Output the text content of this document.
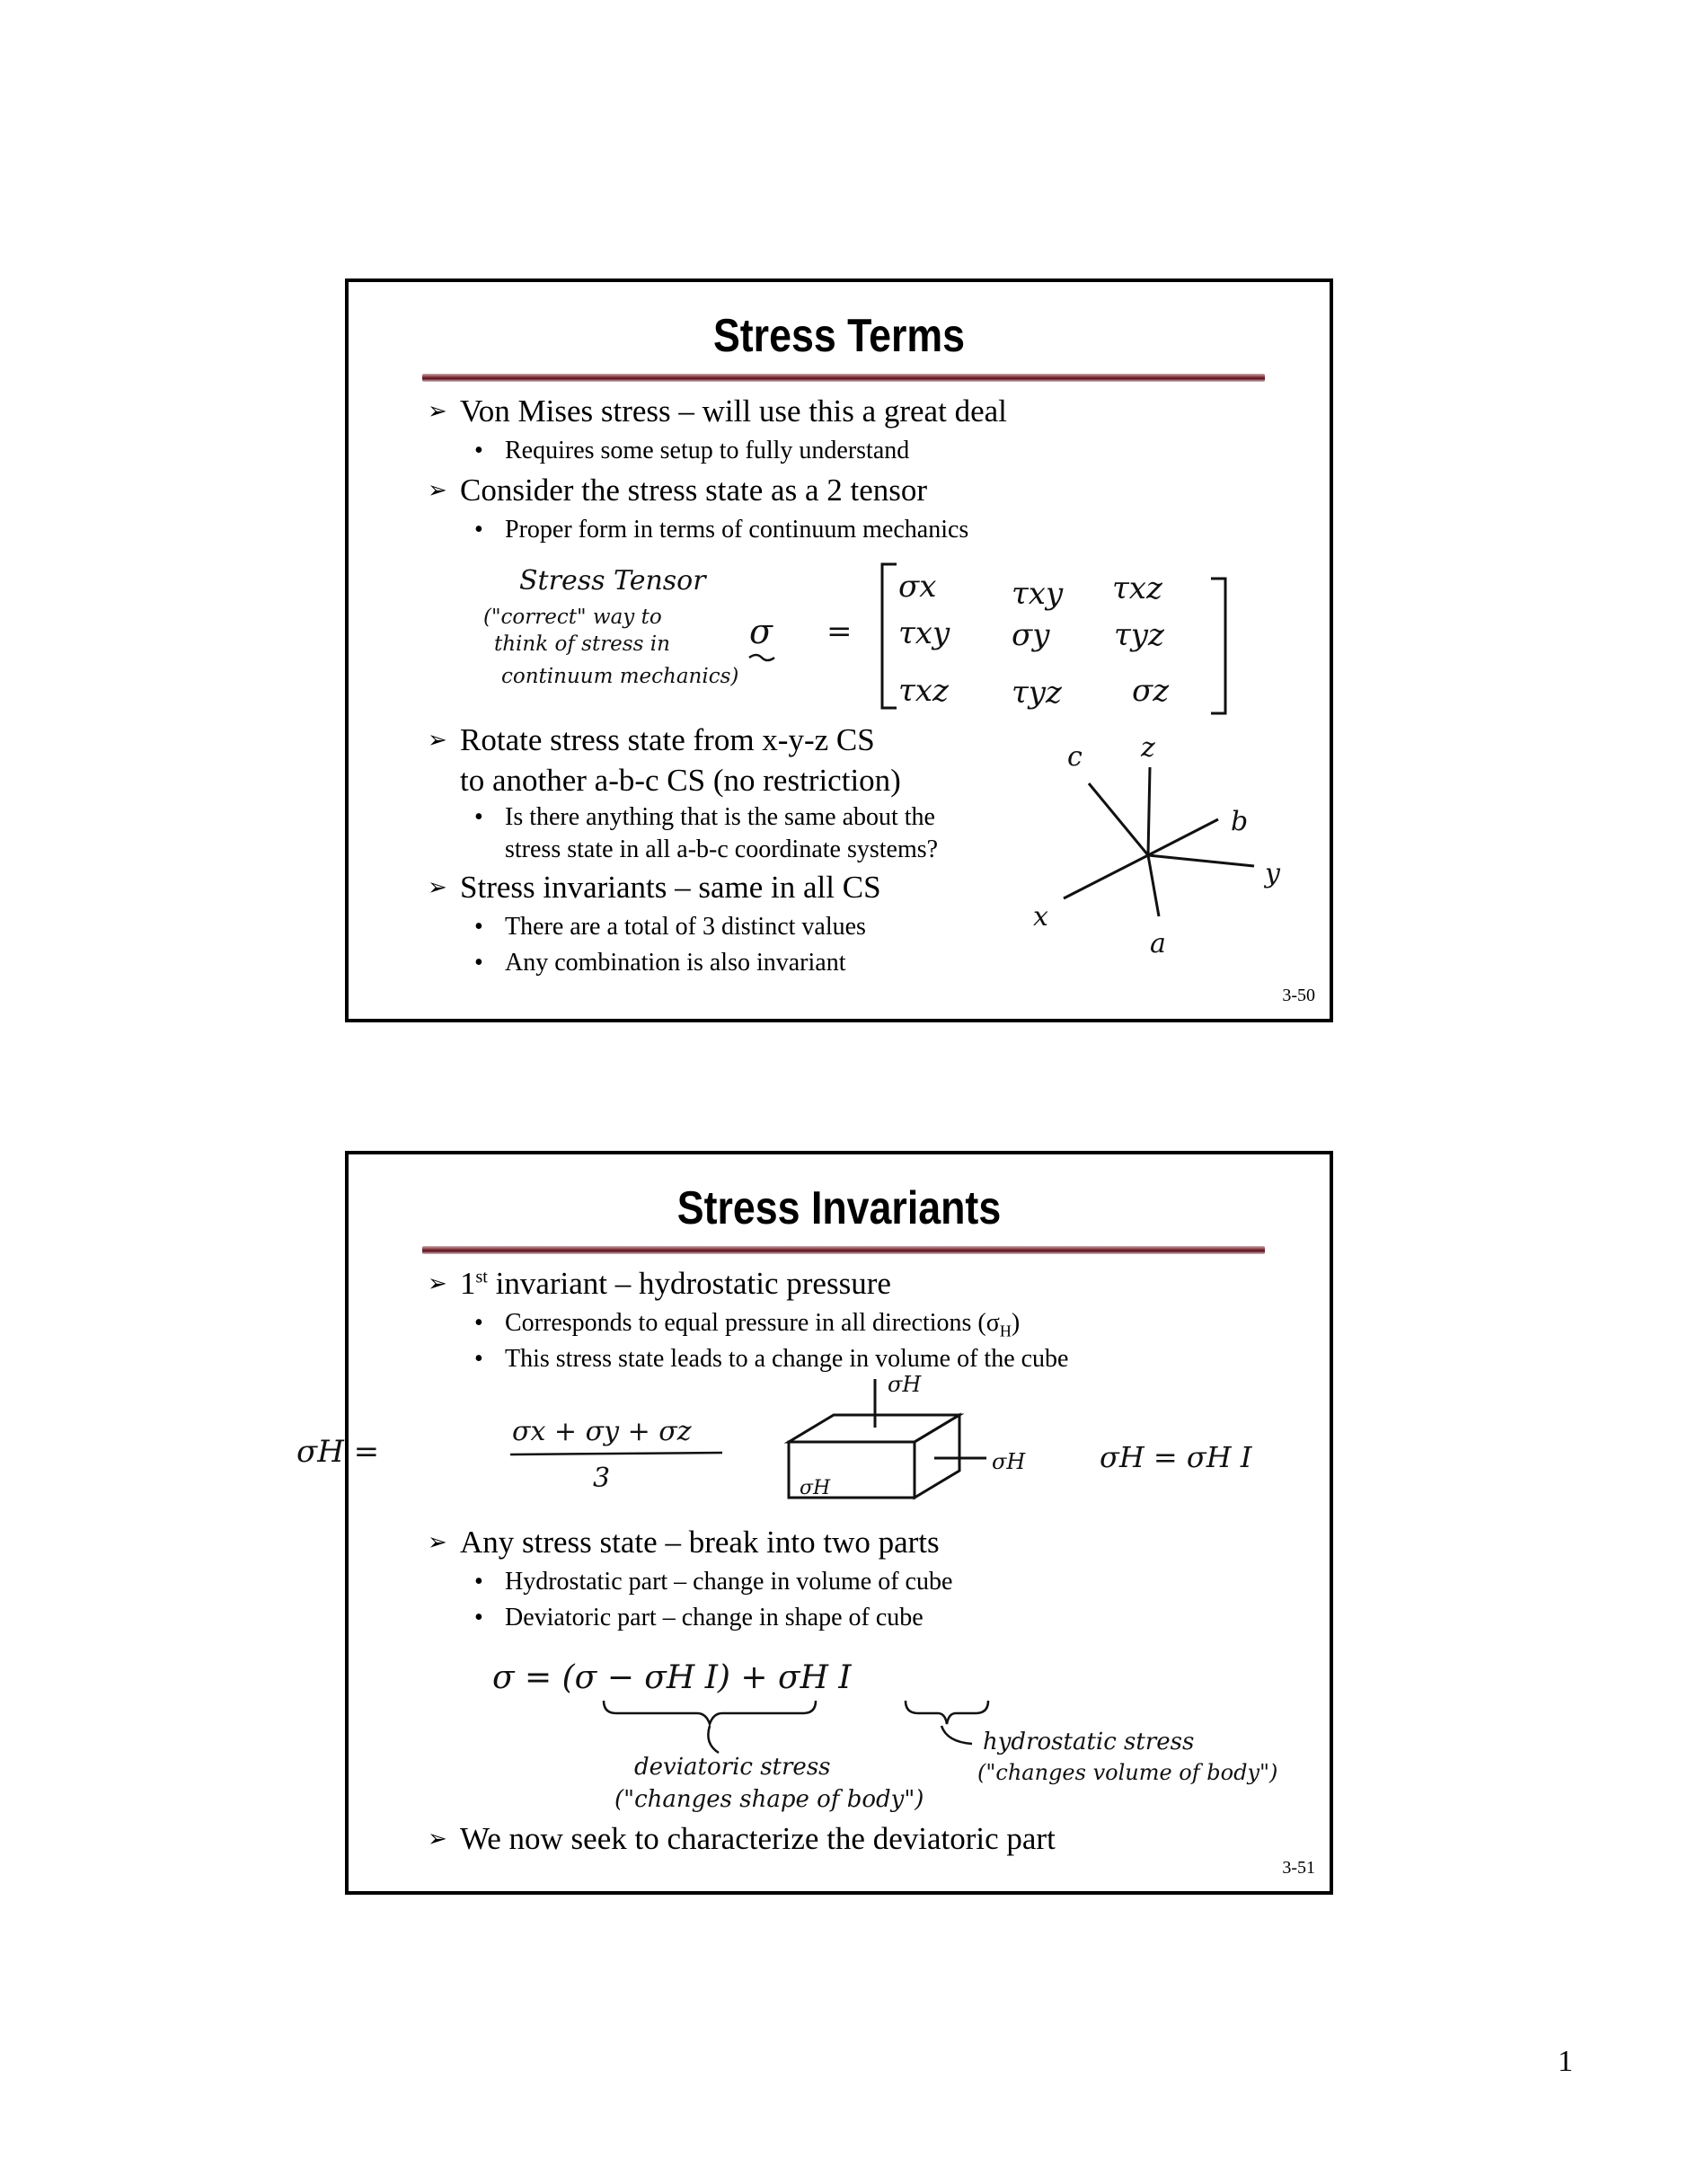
Stress Terms

➢ Von Mises stress – will use this a great deal

• Requires some setup to fully understand

➢ Consider the stress state as a 2 tensor

• Proper form in terms of continuum mechanics

Stress Tensor
("correct" way to
think of stress in
continuum mechanics)
σ =
σx τxy τxz
τxy σy τyz
τxz τyz σz

➢ Rotate stress state from x-y-z CS

to another a-b-c CS (no restriction)

• Is there anything that is the same about the

stress state in all a-b-c coordinate systems?

➢ Stress invariants – same in all CS

• There are a total of 3 distinct values

• Any combination is also invariant

c z
b
y
x
a
3-50
Stress Invariants

➢ 1st invariant – hydrostatic pressure

• Corresponds to equal pressure in all directions $(\sigma_H)$

• This stress state leads to a change in volume of the cube

σH =
σx + σy + σz
3
σH
σH
σH
σH = σH I

➢ Any stress state – break into two parts

• Hydrostatic part – change in volume of cube

• Deviatoric part – change in shape of cube

σ = (σ − σH I) + σH I
deviatoric stress
("changes shape of body")
hydrostatic stress
("changes volume of body")

➢ We now seek to characterize the deviatoric part

3-51
1
